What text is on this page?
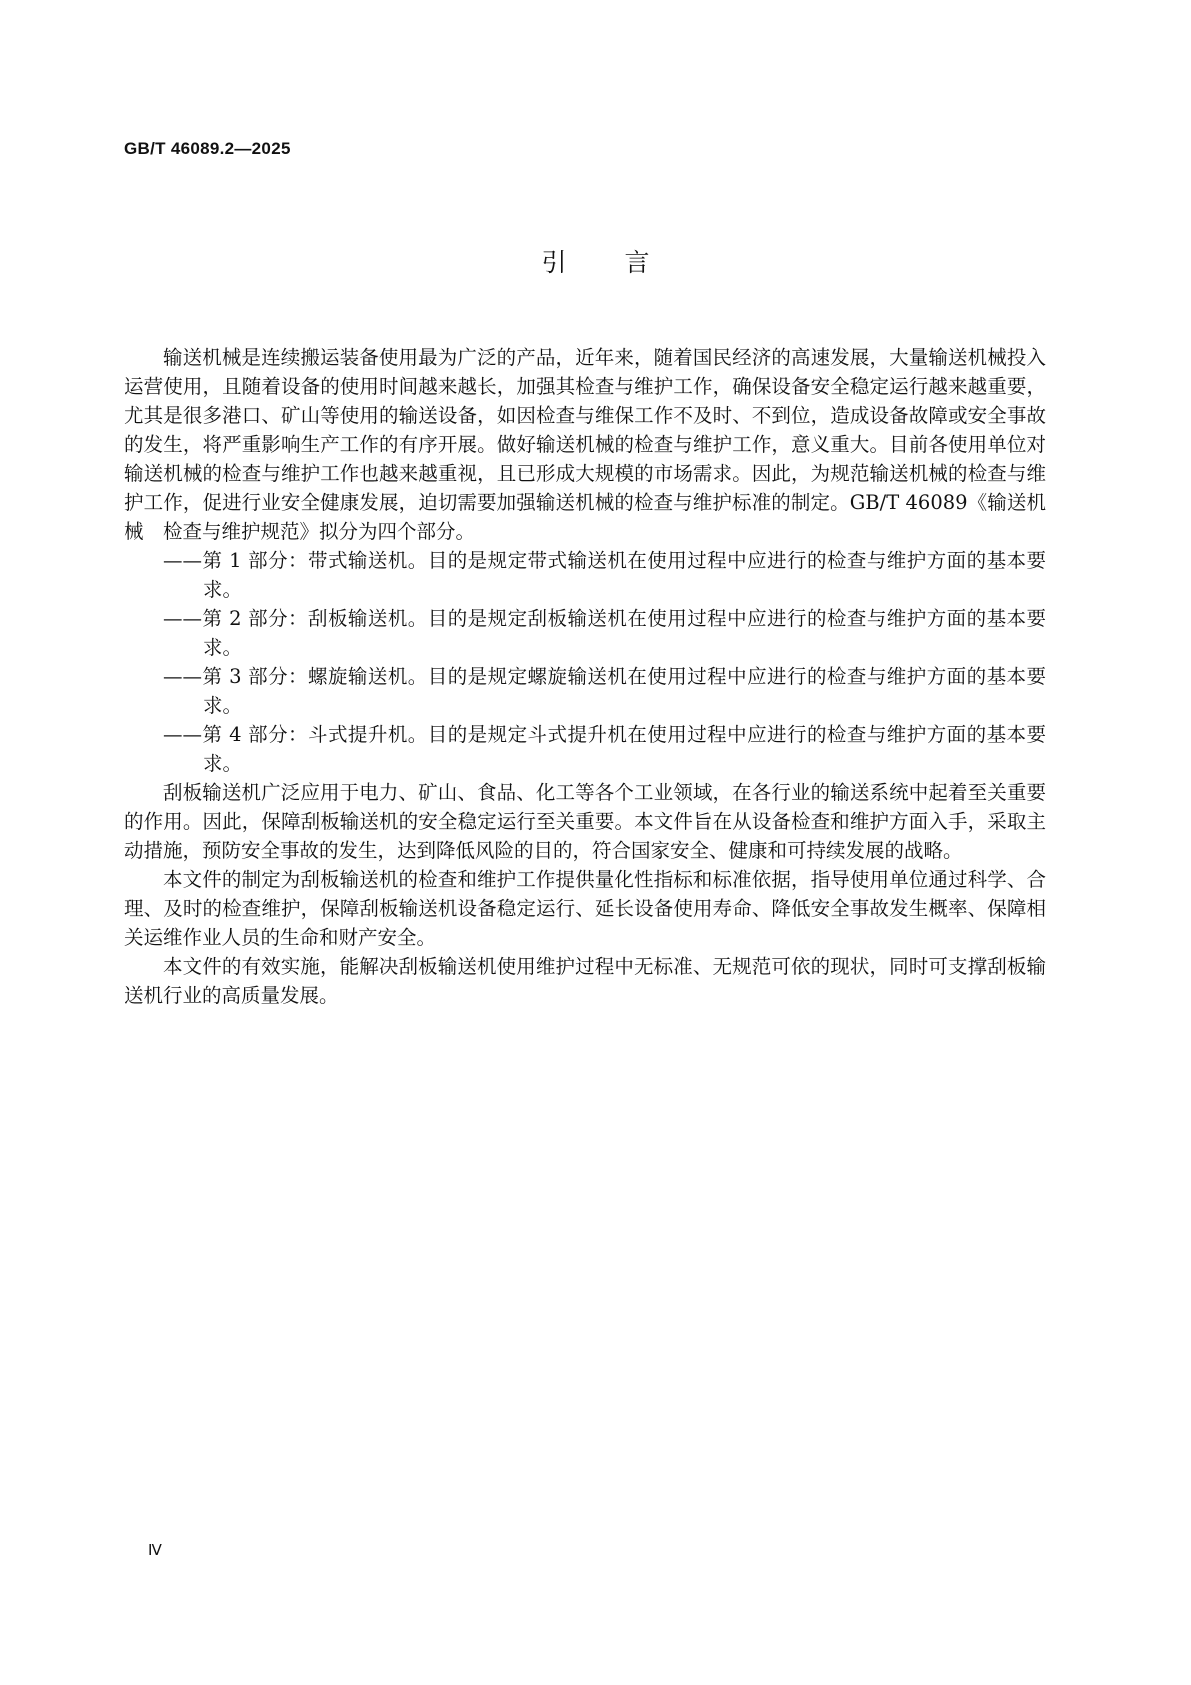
GB/T 46089.2—2025
引言

输送机械是连续搬运装备使用最为广泛的产品，近年来，随着国民经济的高速发展，大量输送机械投入运营使用，且随着设备的使用时间越来越长，加强其检查与维护工作，确保设备安全稳定运行越来越重要，尤其是很多港口、矿山等使用的输送设备，如因检查与维保工作不及时、不到位，造成设备故障或安全事故的发生，将严重影响生产工作的有序开展。做好输送机械的检查与维护工作，意义重大。目前各使用单位对输送机械的检查与维护工作也越来越重视，且已形成大规模的市场需求。因此，为规范输送机械的检查与维护工作，促进行业安全健康发展，迫切需要加强输送机械的检查与维护标准的制定。GB/T 46089《输送机械　检查与维护规范》拟分为四个部分。

——第 1 部分：带式输送机。目的是规定带式输送机在使用过程中应进行的检查与维护方面的基本要求。

——第 2 部分：刮板输送机。目的是规定刮板输送机在使用过程中应进行的检查与维护方面的基本要求。

——第 3 部分：螺旋输送机。目的是规定螺旋输送机在使用过程中应进行的检查与维护方面的基本要求。

——第 4 部分：斗式提升机。目的是规定斗式提升机在使用过程中应进行的检查与维护方面的基本要求。

刮板输送机广泛应用于电力、矿山、食品、化工等各个工业领域，在各行业的输送系统中起着至关重要的作用。因此，保障刮板输送机的安全稳定运行至关重要。本文件旨在从设备检查和维护方面入手，采取主动措施，预防安全事故的发生，达到降低风险的目的，符合国家安全、健康和可持续发展的战略。

本文件的制定为刮板输送机的检查和维护工作提供量化性指标和标准依据，指导使用单位通过科学、合理、及时的检查维护，保障刮板输送机设备稳定运行、延长设备使用寿命、降低安全事故发生概率、保障相关运维作业人员的生命和财产安全。

本文件的有效实施，能解决刮板输送机使用维护过程中无标准、无规范可依的现状，同时可支撑刮板输送机行业的高质量发展。

Ⅳ
